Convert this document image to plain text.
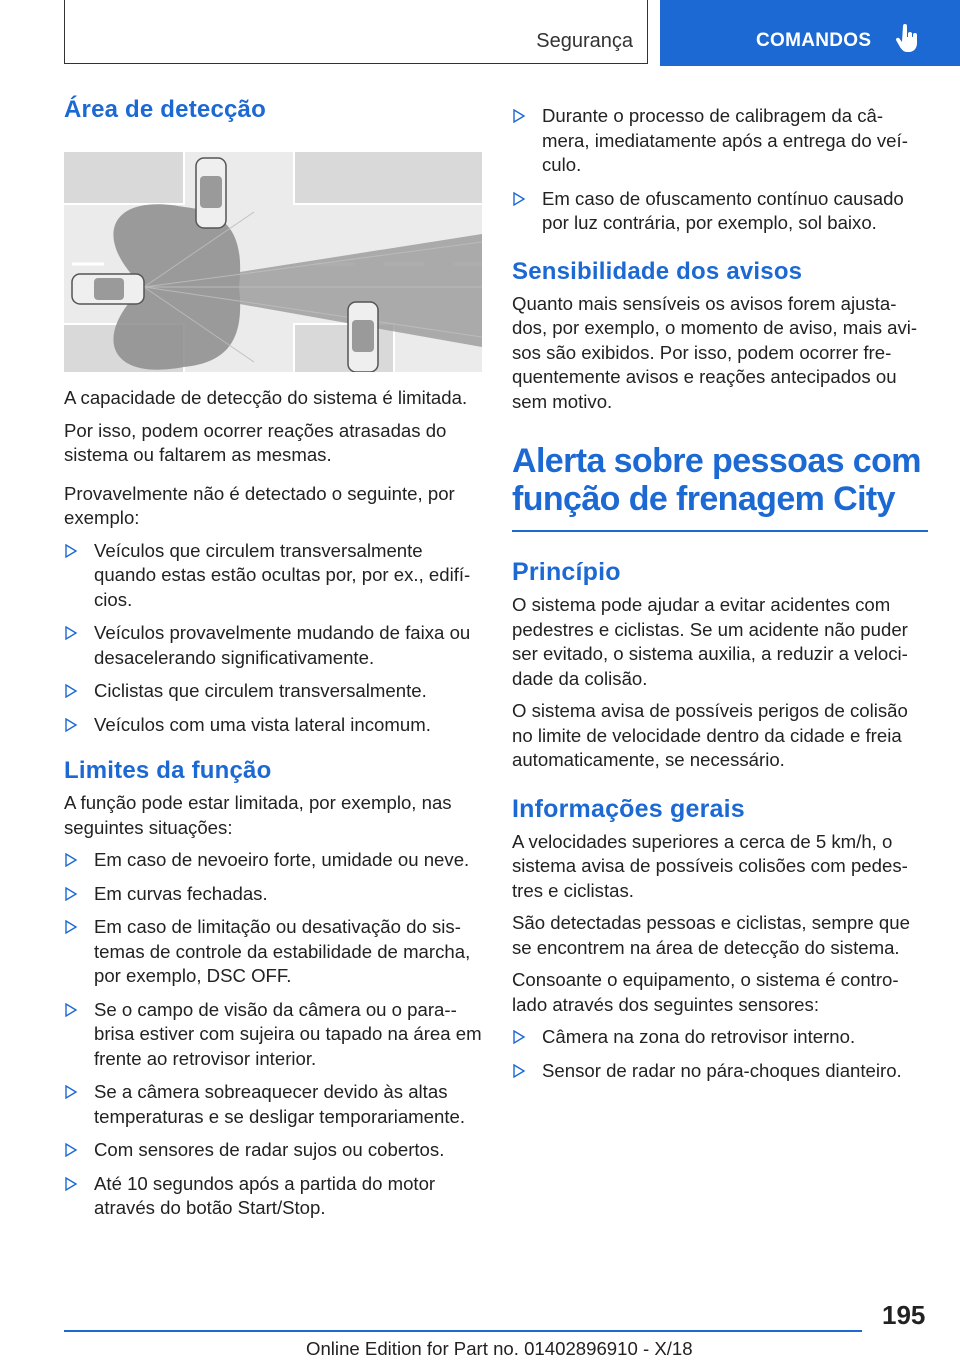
Segurança	COMANDOS
Área de detecção

A capacidade de detecção do sistema é limitada.

Por isso, podem ocorrer reações atrasadas do sistema ou faltarem as mesmas.

Provavelmente não é detectado o seguinte, por exemplo:

Veículos que circulem transversalmente quando estas estão ocultas por, por ex., edifí-cios.
Veículos provavelmente mudando de faixa ou desacelerando significativamente.
Ciclistas que circulem transversalmente.
Veículos com uma vista lateral incomum.
Limites da função

A função pode estar limitada, por exemplo, nas seguintes situações:

Em caso de nevoeiro forte, umidade ou neve.
Em curvas fechadas.
Em caso de limitação ou desativação do sis-temas de controle da estabilidade de marcha, por exemplo, DSC OFF.
Se o campo de visão da câmera ou o para--brisa estiver com sujeira ou tapado na área em frente ao retrovisor interior.
Se a câmera sobreaquecer devido às altas temperaturas e se desligar temporariamente.
Com sensores de radar sujos ou cobertos.
Até 10 segundos após a partida do motor através do botão Start/Stop.
Durante o processo de calibragem da câ-mera, imediatamente após a entrega do veí-culo.
Em caso de ofuscamento contínuo causado por luz contrária, por exemplo, sol baixo.
Sensibilidade dos avisos

Quanto mais sensíveis os avisos forem ajusta-dos, por exemplo, o momento de aviso, mais avi-sos são exibidos. Por isso, podem ocorrer fre-quentemente avisos e reações antecipados ou sem motivo.

Alerta sobre pessoas com função de frenagem City
Princípio

O sistema pode ajudar a evitar acidentes com pedestres e ciclistas. Se um acidente não puder ser evitado, o sistema auxilia, a reduzir a veloci-dade da colisão.

O sistema avisa de possíveis perigos de colisão no limite de velocidade dentro da cidade e freia automaticamente, se necessário.

Informações gerais

A velocidades superiores a cerca de 5 km/h, o sistema avisa de possíveis colisões com pedes-tres e ciclistas.

São detectadas pessoas e ciclistas, sempre que se encontrem na área de detecção do sistema.

Consoante o equipamento, o sistema é contro-lado através dos seguintes sensores:

Câmera na zona do retrovisor interno.
Sensor de radar no pára-choques dianteiro.
195
Online Edition for Part no. 01402896910 - X/18
